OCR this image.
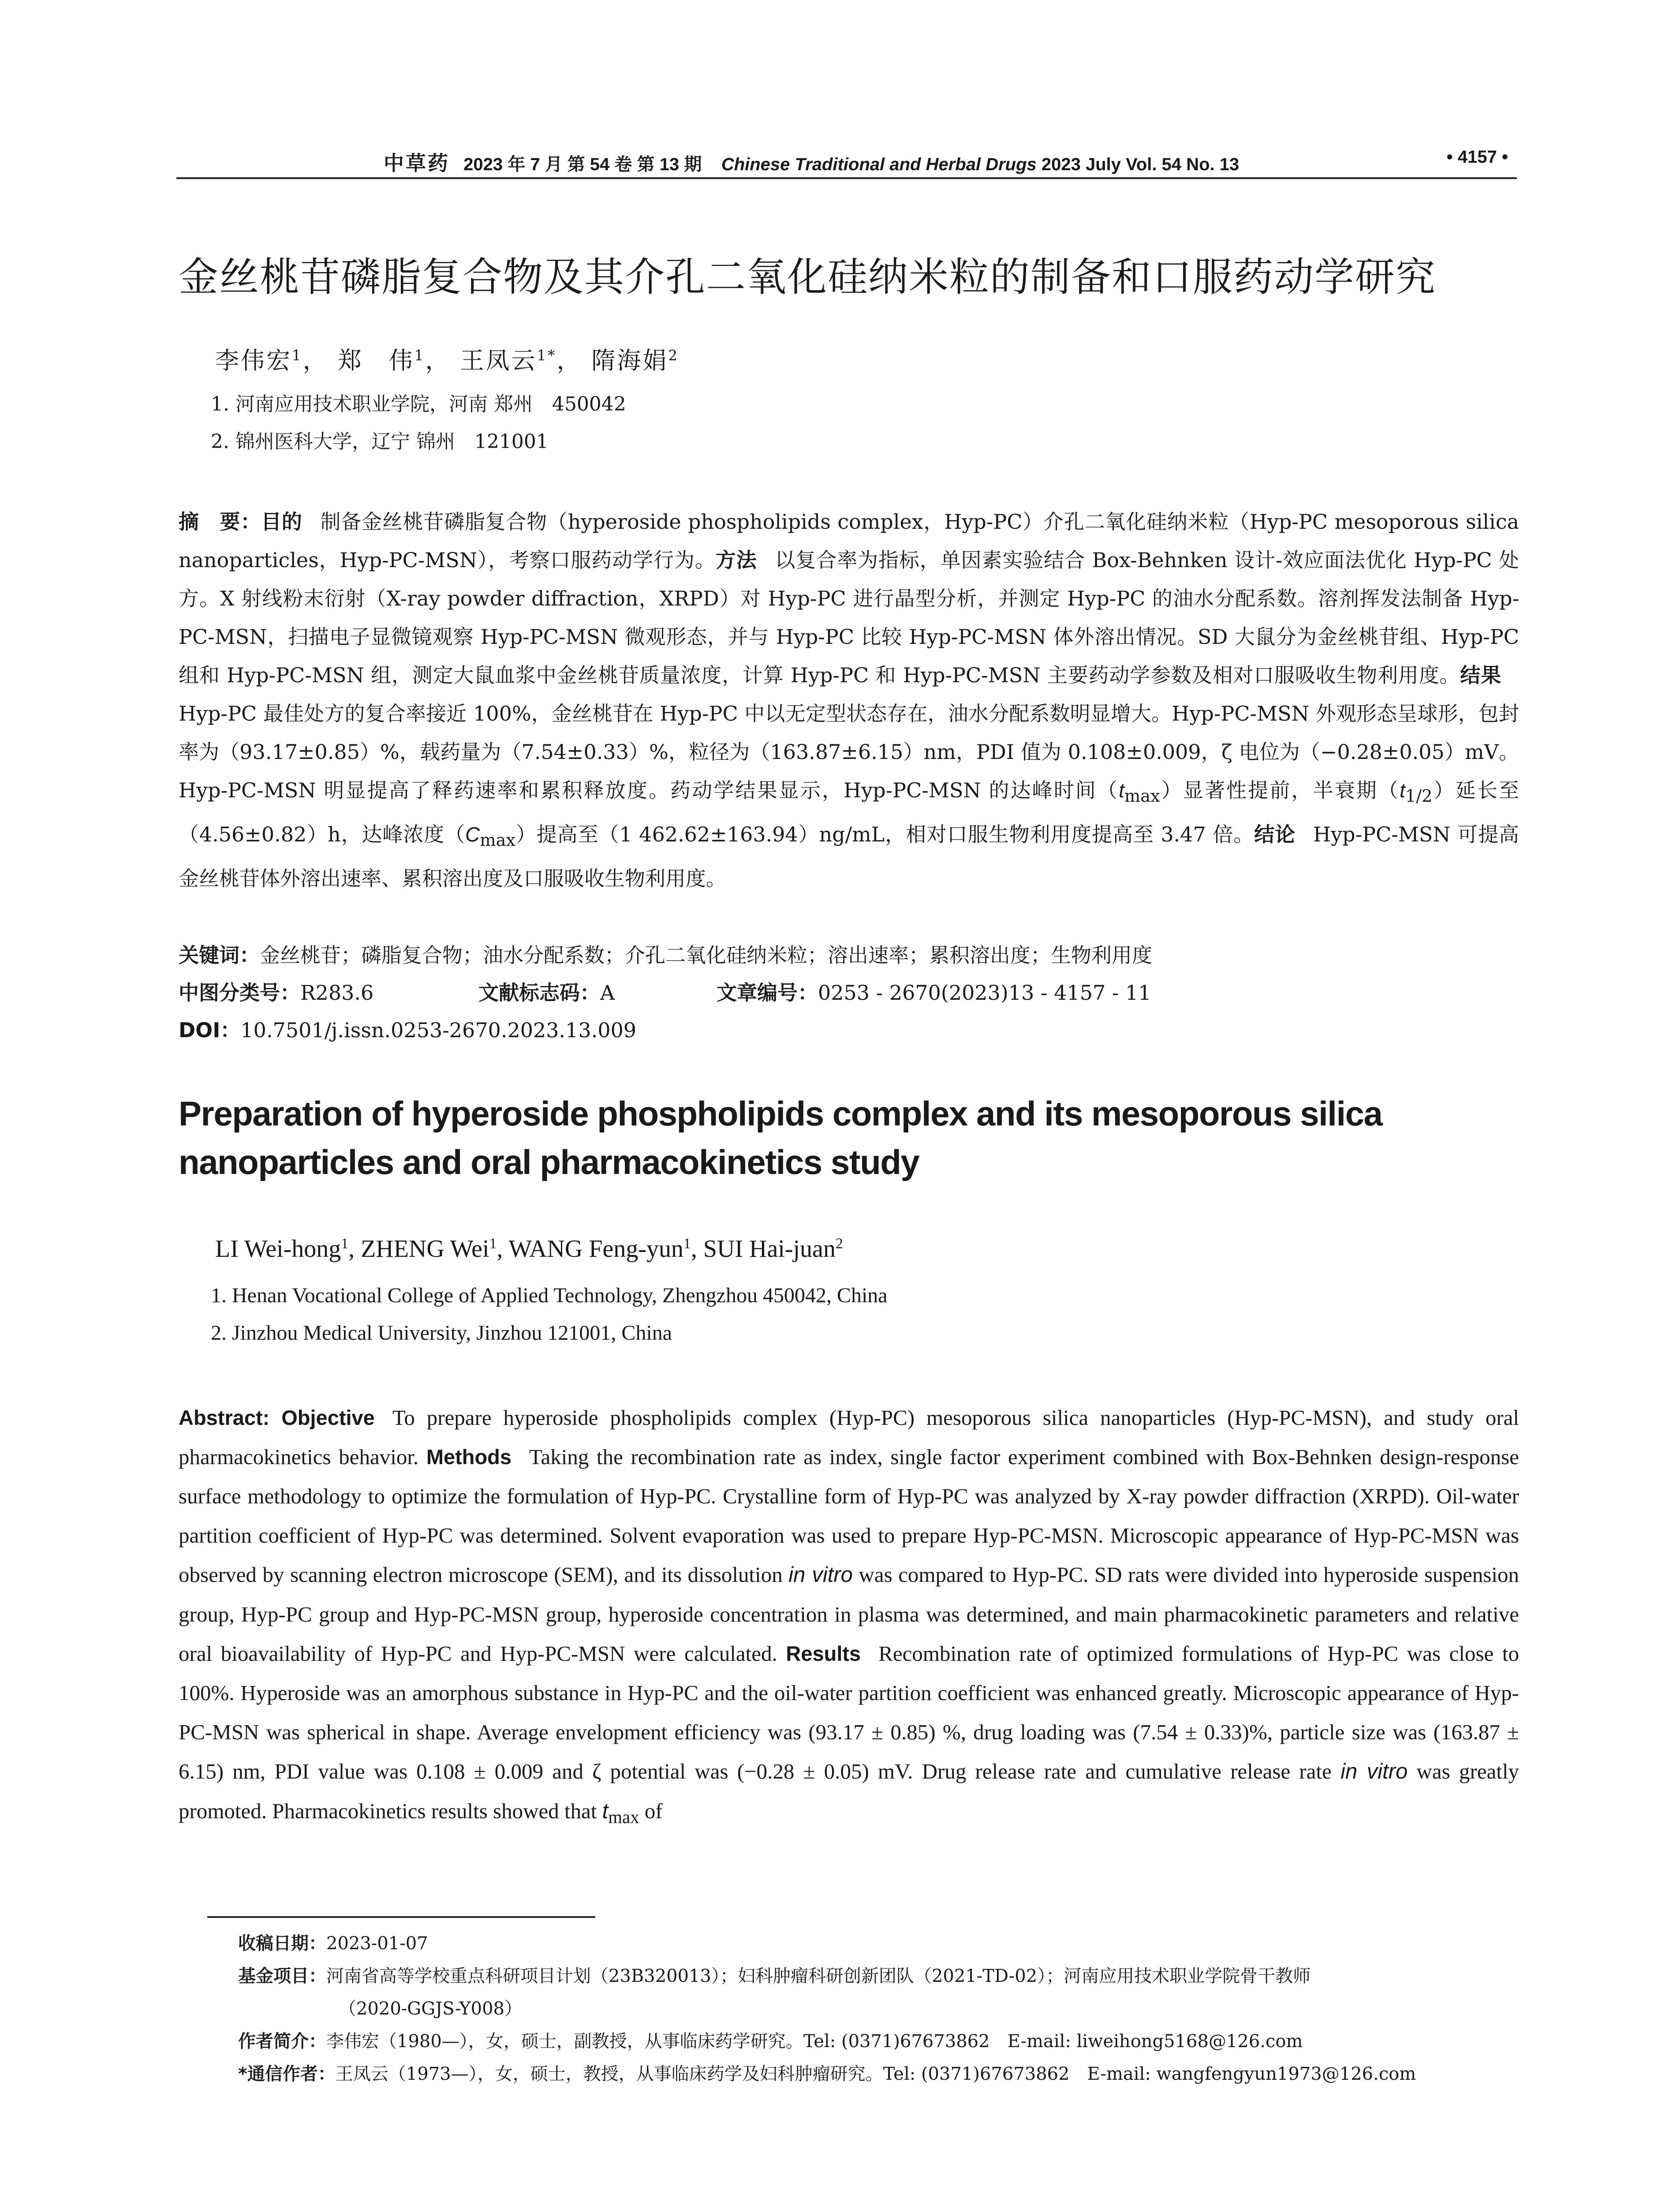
中草药 2023 年 7 月 第 54 卷 第 13 期 Chinese Traditional and Herbal Drugs 2023 July Vol. 54 No. 13	• 4157 •
金丝桃苷磷脂复合物及其介孔二氧化硅纳米粒的制备和口服药动学研究
李伟宏$^1$， 郑　伟$^1$， 王凤云$^{1*}$， 隋海娟$^2$
1. 河南应用技术职业学院，河南 郑州　450042
2. 锦州医科大学，辽宁 锦州　121001
摘　要：目的 制备金丝桃苷磷脂复合物（hyperoside phospholipids complex，Hyp-PC）介孔二氧化硅纳米粒（Hyp-PC mesoporous silica nanoparticles，Hyp-PC-MSN），考察口服药动学行为。方法 以复合率为指标，单因素实验结合 Box-Behnken 设计-效应面法优化 Hyp-PC 处方。X 射线粉末衍射（X-ray powder diffraction，XRPD）对 Hyp-PC 进行晶型分析，并测定 Hyp-PC 的油水分配系数。溶剂挥发法制备 Hyp-PC-MSN，扫描电子显微镜观察 Hyp-PC-MSN 微观形态，并与 Hyp-PC 比较 Hyp-PC-MSN 体外溶出情况。SD 大鼠分为金丝桃苷组、Hyp-PC 组和 Hyp-PC-MSN 组，测定大鼠血浆中金丝桃苷质量浓度，计算 Hyp-PC 和 Hyp-PC-MSN 主要药动学参数及相对口服吸收生物利用度。结果Hyp-PC 最佳处方的复合率接近 100%，金丝桃苷在 Hyp-PC 中以无定型状态存在，油水分配系数明显增大。Hyp-PC-MSN 外观形态呈球形，包封率为（93.17±0.85）%，载药量为（7.54±0.33）%，粒径为（163.87±6.15）nm，PDI 值为 0.108±0.009，ζ 电位为（−0.28±0.05）mV。Hyp-PC-MSN 明显提高了释药速率和累积释放度。药动学结果显示，Hyp-PC-MSN 的达峰时间$(t_{max})$显著性提前，半衰期$(t_{1/2})$延长至（4.56±0.82）h，达峰浓度$(C_{max})$提高至（1 462.62±163.94）ng/mL，相对口服生物利用度提高至 3.47 倍。结论 Hyp-PC-MSN 可提高金丝桃苷体外溶出速率、累积溶出度及口服吸收生物利用度。
关键词：金丝桃苷；磷脂复合物；油水分配系数；介孔二氧化硅纳米粒；溶出速率；累积溶出度；生物利用度
中图分类号：R283.6	文献标志码：A	文章编号：0253 - 2670(2023)13 - 4157 - 11
DOI：10.7501/j.issn.0253-2670.2023.13.009
Preparation of hyperoside phospholipids complex and its mesoporous silica nanoparticles and oral pharmacokinetics study
LI Wei-hong$^1$, ZHENG Wei$^1$, WANG Feng-yun$^1$, SUI Hai-juan$^2$
1. Henan Vocational College of Applied Technology, Zhengzhou 450042, China
2. Jinzhou Medical University, Jinzhou 121001, China
Abstract: Objective To prepare hyperoside phospholipids complex (Hyp-PC) mesoporous silica nanoparticles (Hyp-PC-MSN), and study oral pharmacokinetics behavior. Methods Taking the recombination rate as index, single factor experiment combined with Box-Behnken design-response surface methodology to optimize the formulation of Hyp-PC. Crystalline form of Hyp-PC was analyzed by X-ray powder diffraction (XRPD). Oil-water partition coefficient of Hyp-PC was determined. Solvent evaporation was used to prepare Hyp-PC-MSN. Microscopic appearance of Hyp-PC-MSN was observed by scanning electron microscope (SEM), and its dissolution in vitro was compared to Hyp-PC. SD rats were divided into hyperoside suspension group, Hyp-PC group and Hyp-PC-MSN group, hyperoside concentration in plasma was determined, and main pharmacokinetic parameters and relative oral bioavailability of Hyp-PC and Hyp-PC-MSN were calculated. Results Recombination rate of optimized formulations of Hyp-PC was close to 100%. Hyperoside was an amorphous substance in Hyp-PC and the oil-water partition coefficient was enhanced greatly. Microscopic appearance of Hyp-PC-MSN was spherical in shape. Average envelopment efficiency was (93.17 ± 0.85) %, drug loading was (7.54 ± 0.33)%, particle size was (163.87 ± 6.15) nm, PDI value was 0.108 ± 0.009 and ζ potential was (−0.28 ± 0.05) mV. Drug release rate and cumulative release rate in vitro was greatly promoted. Pharmacokinetics results showed that $t_{max}$ of
收稿日期：2023-01-07
基金项目：河南省高等学校重点科研项目计划（23B320013）；妇科肿瘤科研创新团队（2021-TD-02）；河南应用技术职业学院骨干教师
（2020-GGJS-Y008）
作者简介：李伟宏（1980—），女，硕士，副教授，从事临床药学研究。Tel: (0371)67673862　E-mail: liweihong5168@126.com
*通信作者：王凤云（1973—），女，硕士，教授，从事临床药学及妇科肿瘤研究。Tel: (0371)67673862　E-mail: wangfengyun1973@126.com
